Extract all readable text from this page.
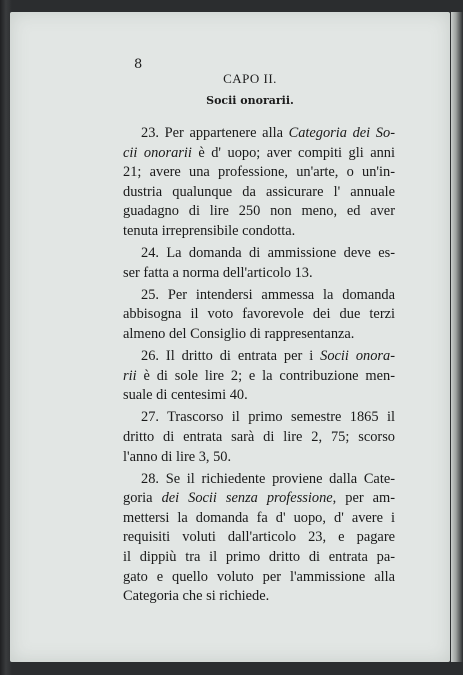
8
CAPO II.
Socii onorarii.
23. Per appartenere alla Categoria dei So-
cii onorarii è d' uopo; aver compiti gli anni
21; avere una professione, un'arte, o un'in-
dustria qualunque da assicurare l' annuale
guadagno di lire 250 non meno, ed aver
tenuta irreprensibile condotta.
24. La domanda di ammissione deve es-
ser fatta a norma dell'articolo 13.
25. Per intendersi ammessa la domanda
abbisogna il voto favorevole dei due terzi
almeno del Consiglio di rappresentanza.
26. Il dritto di entrata per i Socii onora-
rii è di sole lire 2; e la contribuzione men-
suale di centesimi 40.
27. Trascorso il primo semestre 1865 il
dritto di entrata sarà di lire 2, 75; scorso
l'anno di lire 3, 50.
28. Se il richiedente proviene dalla Cate-
goria dei Socii senza professione, per am-
mettersi la domanda fa d' uopo, d' avere i
requisiti voluti dall'articolo 23, e pagare
il dippiù tra il primo dritto di entrata pa-
gato e quello voluto per l'ammissione alla
Categoria che si richiede.
